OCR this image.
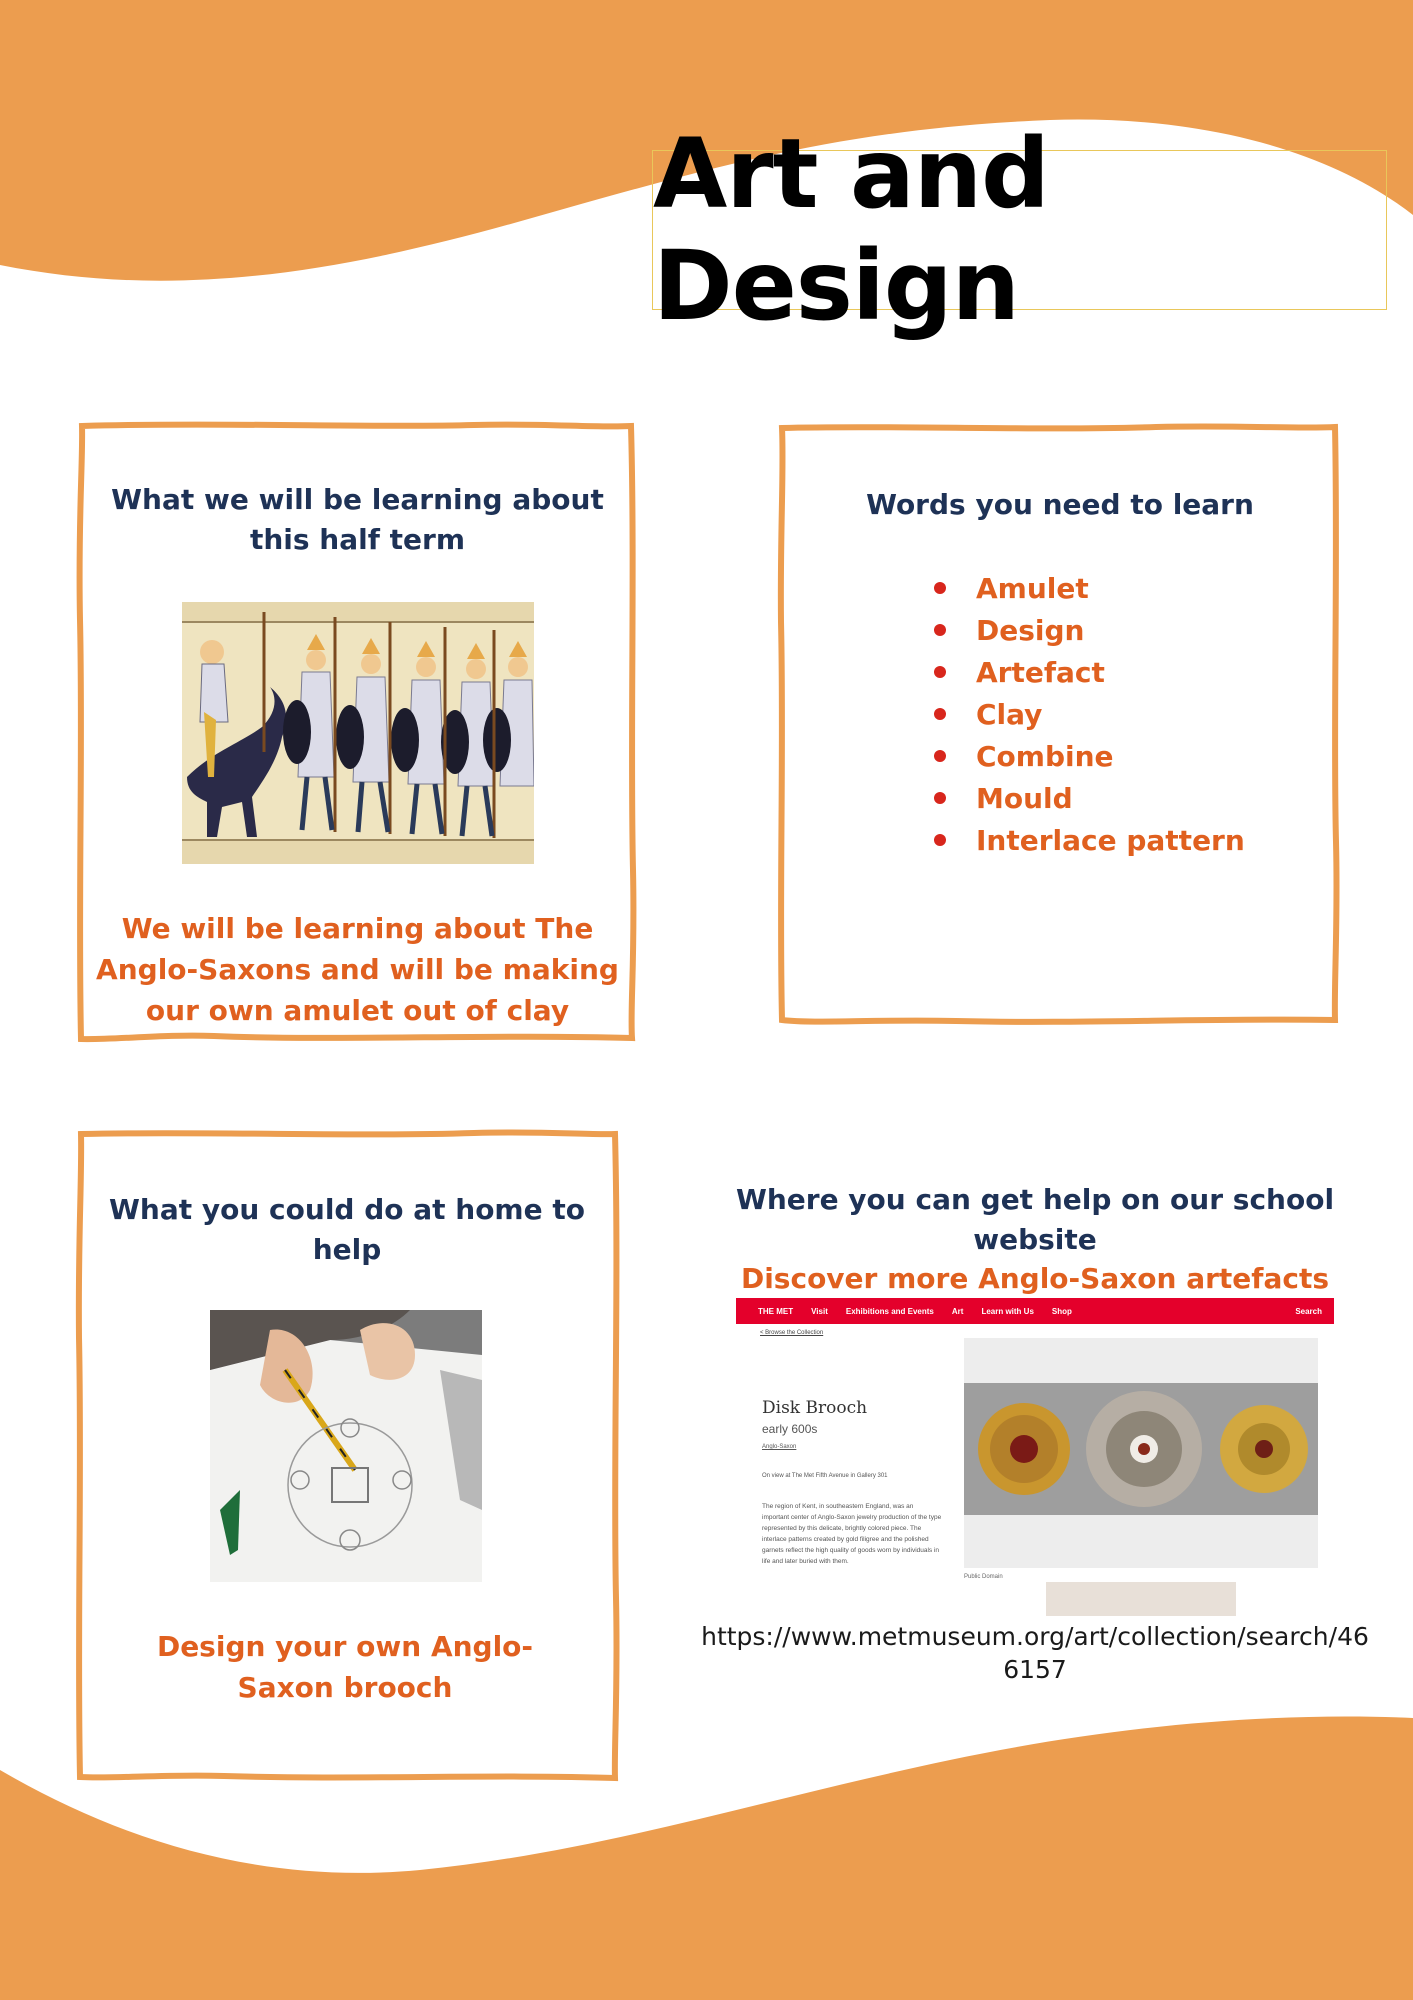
Art and Design
What we will be learning about this half term
We will be learning about The Anglo-Saxons and will be making our own amulet out of clay
Words you need to learn
Amulet
Design
Artefact
Clay
Combine
Mould
Interlace pattern
What you could do at home to help
Design your own Anglo-Saxon brooch
Where you can get help on our school website
Discover more Anglo-Saxon artefacts
THE MET Visit Exhibitions and Events Art Learn with Us Shop	Search
< Browse the Collection
Disk Brooch
early 600s
Anglo-Saxon
On view at The Met Fifth Avenue in Gallery 301
The region of Kent, in southeastern England, was an important center of Anglo-Saxon jewelry production of the type represented by this delicate, brightly colored piece. The interlace patterns created by gold filigree and the polished garnets reflect the high quality of goods worn by individuals in life and later buried with them.
Public Domain
https://www.metmuseum.org/art/collection/search/466157
